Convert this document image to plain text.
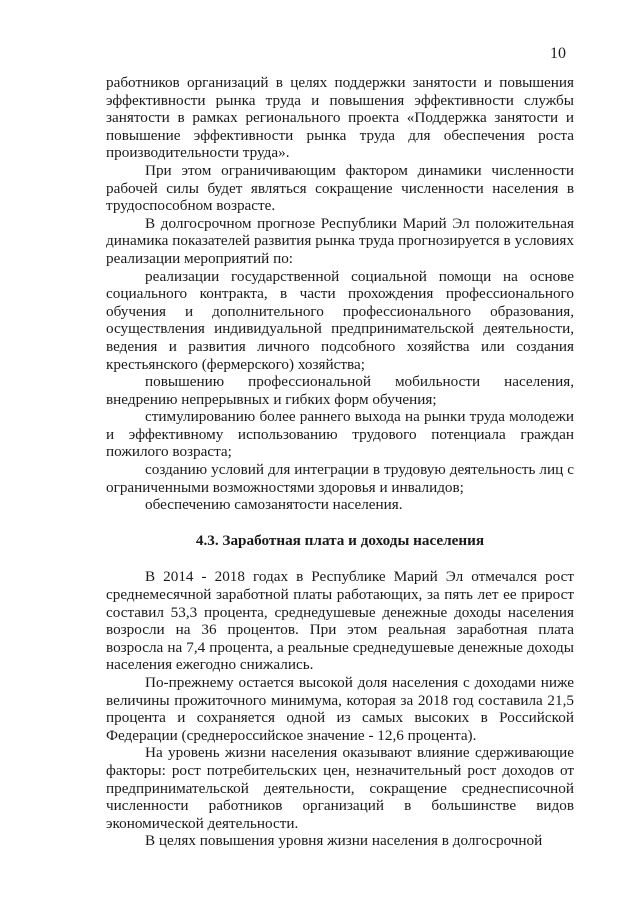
10

работников организаций в целях поддержки занятости и повышения эффективности рынка труда и повышения эффективности службы занятости в рамках регионального проекта «Поддержка занятости и повышение эффективности рынка труда для обеспечения роста производительности труда».

При этом ограничивающим фактором динамики численности рабочей силы будет являться сокращение численности населения в трудоспособном возрасте.

В долгосрочном прогнозе Республики Марий Эл положительная динамика показателей развития рынка труда прогнозируется в условиях реализации мероприятий по:

реализации государственной социальной помощи на основе социального контракта, в части прохождения профессионального обучения и дополнительного профессионального образования, осуществления индивидуальной предпринимательской деятельности, ведения и развития личного подсобного хозяйства или создания крестьянского (фермерского) хозяйства;

повышению профессиональной мобильности населения, внедрению непрерывных и гибких форм обучения;

стимулированию более раннего выхода на рынки труда молодежи и эффективному использованию трудового потенциала граждан пожилого возраста;

созданию условий для интеграции в трудовую деятельность лиц с ограниченными возможностями здоровья и инвалидов;

обеспечению самозанятости населения.

4.3. Заработная плата и доходы населения

В 2014 - 2018 годах в Республике Марий Эл отмечался рост среднемесячной заработной платы работающих, за пять лет ее прирост составил 53,3 процента, среднедушевые денежные доходы населения возросли на 36 процентов. При этом реальная заработная плата возросла на 7,4 процента, а реальные среднедушевые денежные доходы населения ежегодно снижались.

По-прежнему остается высокой доля населения с доходами ниже величины прожиточного минимума, которая за 2018 год составила 21,5 процента и сохраняется одной из самых высоких в Российской Федерации (среднероссийское значение - 12,6 процента).

На уровень жизни населения оказывают влияние сдерживающие факторы: рост потребительских цен, незначительный рост доходов от предпринимательской деятельности, сокращение среднесписочной численности работников организаций в большинстве видов экономической деятельности.

В целях повышения уровня жизни населения в долгосрочной
